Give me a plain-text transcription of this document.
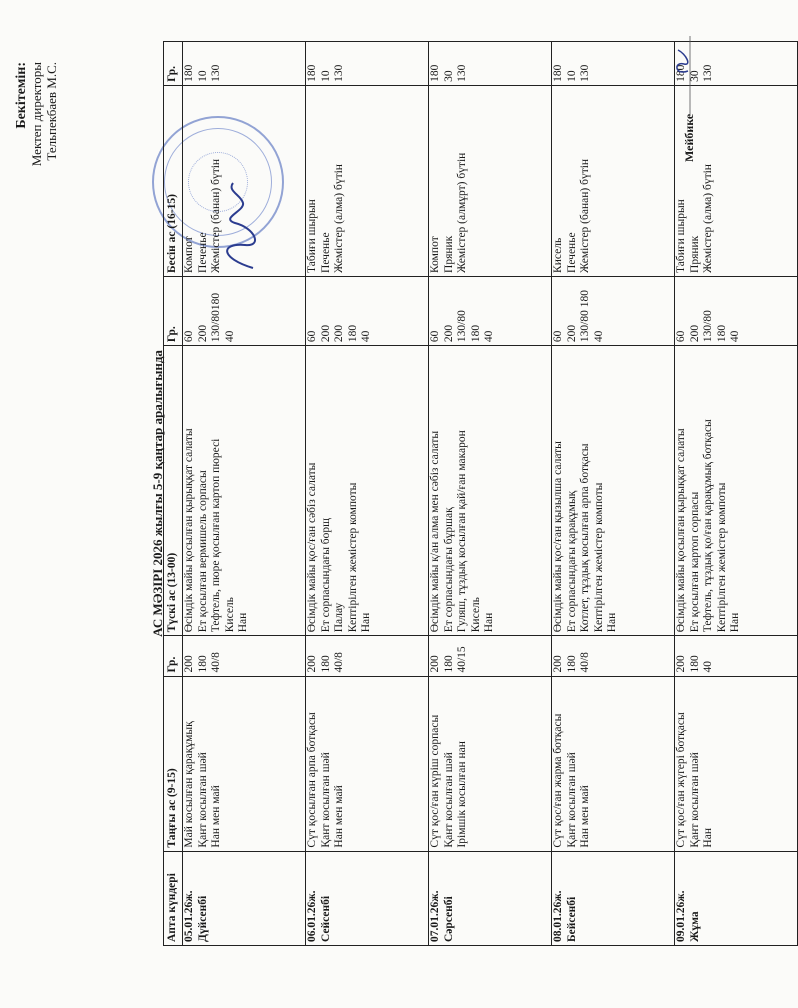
Бекітемін: Мектеп директоры Тельпекбаев М.С.
АС МӘЗІРІ 2026 жылғы 5-9 қаңтар аралығында
Апта күндері	Таңғы ас (9-15)	Гр.	Түскі ас (13-00)	Гр.	Бесін ас (16-15)	Гр.

05.01.26ж. Дүйсенбі	Май косылған қарақұмық Қант косылған шәй Нан мен май	200 180 40/8	Өсімдік майы қосылған қырыққат салаты Ет қосылған вермишель сорпасы Тефтель, пюре қосылған картоп пюресі Кисель Нан	60 200 130/80180 40	Компот Печенье Жемістер (банан) бүтін	180 10 130

06.01.26ж. Сейсенбі	Сүт қосылған арпа ботқасы Қант косылған шәй Нан мен май	200 180 40/8	Өсімдік майы қос/ған сәбіз салаты Ет сорпасындағы борщ Палау Кептірілген жемістер компоты Нан	60 200 200 180 40	Табиғи шырын Печенье Жемістер (алма) бүтін	180 10 130

07.01.26ж. Сәрсенбі	Сүт қос/ған күріш сорпасы Қант косылған шәй Ірімшік косылған нан	200 180 40/15	Өсімдік майы қ/ан алма мен сәбіз салаты Ет сорпасындағы бұршақ Гуляш, тұздық косылған қай/ған макарон Кисель Нан	60 200 130/80 180 40	Компот Пряник Жемістер (алмұрт) бүтін	180 30 130

08.01.26ж. Бейсенбі	Сүт қос/ған жарма ботқасы Қант косылған шәй Нан мен май	200 180 40/8	Өсімдік майы қос/ған қызылша салаты Ет сорпасындағы қарақұмық Котлет, тұздық косылған арпа ботқасы Кептірілген жемістер компоты Нан	60 200 130/80 180 40	Кисель Печенье Жемістер (банан) бүтін	180 10 130

09.01.26ж. Жұма	Сүт қос/ған жүгері ботқасы Қант косылған шәй Нан	200 180 40	Өсімдік майы қосылған қырыққат салаты Ет қосылған картоп сорпасы Тефтель, тұздық қо/ған қарақұмық ботқасы Кептірілген жемістер компоты Нан	60 200 130/80 180 40	Табиғи шырын Пряник Жемістер (алма) бүтін	180 30 130
Мейбике
